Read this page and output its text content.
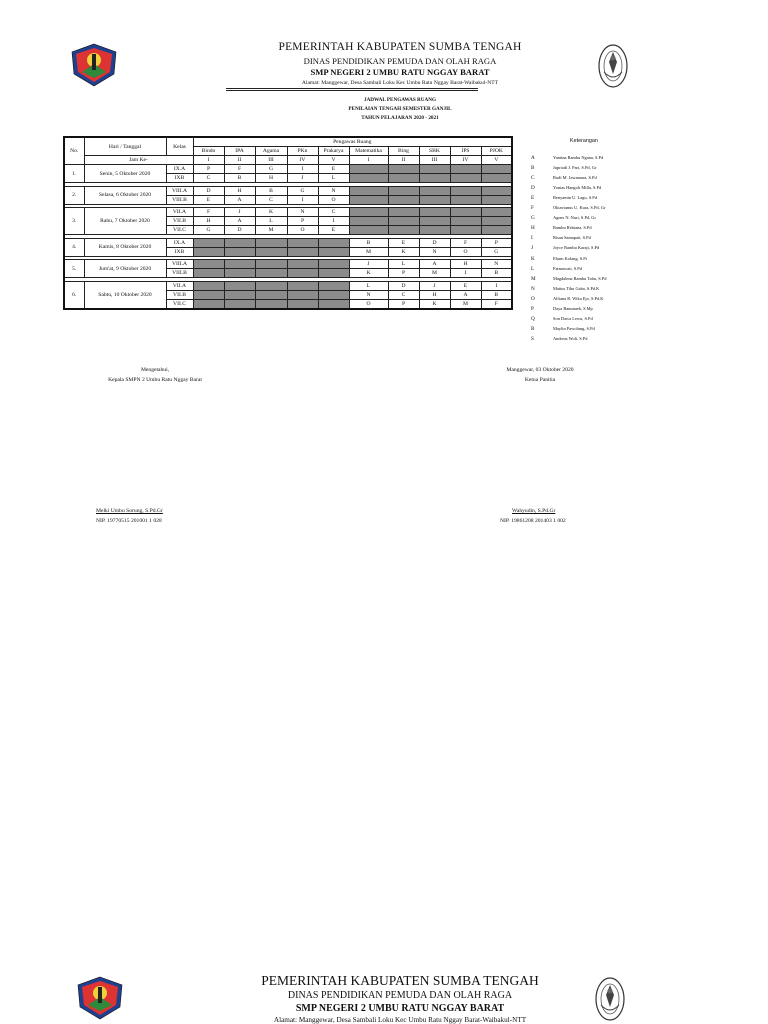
PEMERINTAH KABUPATEN SUMBA TENGAH
DINAS PENDIDIKAN PEMUDA DAN OLAH RAGA
SMP NEGERI 2 UMBU RATU NGGAY BARAT
Alamat: Manggewar, Desa Sambali Loku Kec Umbu Ratu Nggay Barat-Waibakul-NTT
JADWAL PENGAWAS RUANG
PENILAIAN TENGAH SEMESTER GANJIL
TAHUN PELAJARAN 2020 - 2021
No.	Hari / Tanggal	Kelas	Pengawas Ruang									
			Bindo	IPA	Agama	PKn	Prakarya	Matematika	Bing	SBK	IPS	PJOK
	Jam Ke-		I	II	III	IV	V	I	II	III	IV	V
1.	Senin, 5 Oktober 2020	IX.A	P	F	G	I	E					
		IXB	C	B	H	J	L					

2.	Selasa, 6 Oktober 2020	VIII.A	D	H	B	G	N					
		VIII.B	E	A	C	I	O					

3.	Rabu, 7 Oktober 2020	VII.A	F	J	K	N	C					
		VII.B	H	A	L	P	I					
		VII.C	G	D	M	O	E					

4.	Kamis, 8 Oktober 2020	IX.A						B	E	D	F	P
		IXB						M	K	N	O	G

5.	Jum'at, 9 Oktober 2020	VIII.A						J	L	A	H	N
		VIII.B						K	P	M	I	B

6.	Sabtu, 10 Oktober 2020	VII.A						L	D	J	E	I
		VII.B						N	C	H	A	B
		VII.C						O	P	K	M	F
Keterangan
A	Yanitna Rambu Ngana, S.Pd
B	Jupriadi J. Pari, S.Pd, Gr
C	Rudi M. Jawamara, S.Pd
D	Yonias Hangoli Milla, S.Pd
E	Benyamin U. Lagu, S.Pd
F	Oktavianus U. Kura, S.Pd, Gr
G	Agnes N. Nuri, S.Pd, Gr
H	Rambu Rebiana, S.Pd
I	Risan Samapati, S.Pd
J	Joyce Rambu Karaji, S.Pd
K	Ehum Kolang, S.Pi
L	Fatmawati, S.Pd
M	Magdalena Rambu Tahu, S.Pd
N	Matius Tibu Gaba, S.Pd.K
O	Alfiana R. Wika Ejo, S.Pd.K
P	Daya Banunaek, S.Mp
Q	Son Dawa Lewu, S.Pd
R	Maylin Pawolung, S.Pd
S	Andreas Woli, S.Pd
Mengetahui,
Kepala SMPN 2 Umbu Ratu Nggay Barat
Melki Umbu Sorung, S.Pd.Gr
NIP. 19770515 201001 1 028
Manggewar, 03 Oktober 2020
Ketua Panitia
Wahyudin, S.Pd.Gr
NIP. 19861208 201403 1 002
PEMERINTAH KABUPATEN SUMBA TENGAH
DINAS PENDIDIKAN PEMUDA DAN OLAH RAGA
SMP NEGERI 2 UMBU RATU NGGAY BARAT
Alamat: Manggewar, Desa Sambali Loku Kec Umbu Ratu Nggay Barat-Waibakul-NTT
